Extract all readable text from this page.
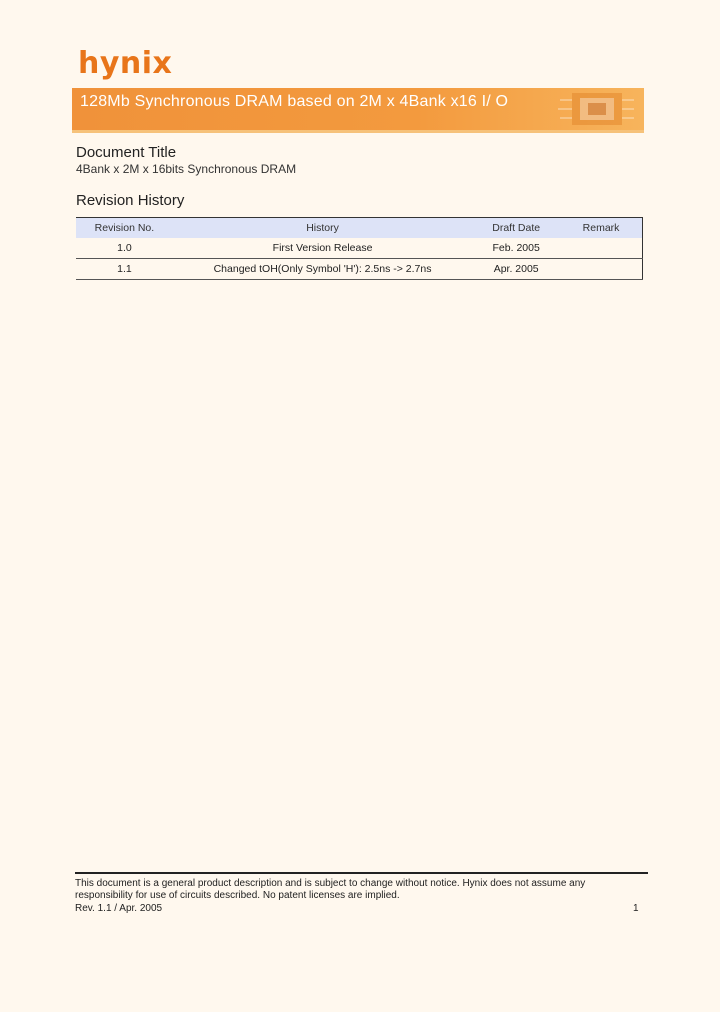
hynix
128Mb Synchronous DRAM based on 2M x 4Bank x16 I/ O
Document Title
4Bank x 2M x 16bits Synchronous DRAM
Revision History
Revision No.	History	Draft Date	Remark
1.0	First Version Release	Feb. 2005	
1.1	Changed tOH(Only Symbol 'H'): 2.5ns -> 2.7ns	Apr. 2005	
This document is a general product description and is subject to change without notice. Hynix does not assume any responsibility for use of circuits described. No patent licenses are implied.
Rev. 1.1 / Apr. 2005	1
